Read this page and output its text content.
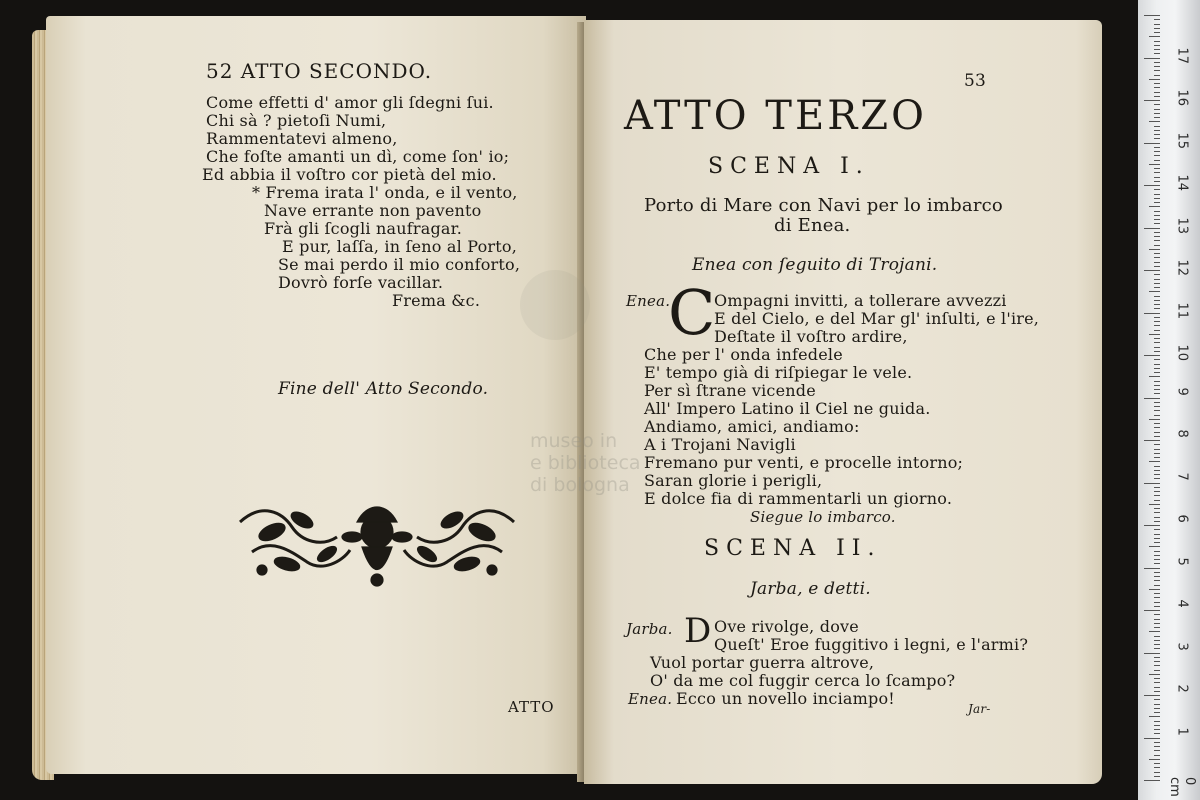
52 ATTO SECONDO.
Come effetti d' amor gli ſdegni ſui.
Chi sà ? pietoſi Numi,
Rammentatevi almeno,
Che foſte amanti un dì, come ſon' io;
Ed abbia il voſtro cor pietà del mio.
* Frema irata l' onda, e il vento,
Nave errante non pavento
Frà gli ſcogli naufragar.
E pur, laſſa, in ſeno al Porto,
Se mai perdo il mio conforto,
Dovrò forſe vacillar.
Frema &c.
Fine dell' Atto Secondo.
ATTO
53
ATTO TERZO
SCENA I.
Porto di Mare con Navi per lo imbarco
di Enea.
Enea con ſeguito di Trojani.
Enea.
C
Ompagni invitti, a tollerare avvezzi
E del Cielo, e del Mar gl' inſulti, e l'ire,
Deſtate il voſtro ardire,
Che per l' onda infedele
E' tempo già di riſpiegar le vele.
Per sì ſtrane vicende
All' Impero Latino il Ciel ne guida.
Andiamo, amici, andiamo:
A i Trojani Navigli
Fremano pur venti, e procelle intorno;
Saran glorie i perigli,
E dolce fia di rammentarli un giorno.
Siegue lo imbarco.
SCENA II.
Jarba, e detti.
Jarba. D Ove rivolge, dove
Queſt' Eroe fuggitivo i legni, e l'armi?
Vuol portar guerra altrove,
O' da me col fuggir cerca lo ſcampo?
Enea. Ecco un novello inciampo!
Jar-
museo in
e biblioteca
di bologna
0 cm
1
2
3
4
5
6
7
8
9
10
11
12
13
14
15
16
17
